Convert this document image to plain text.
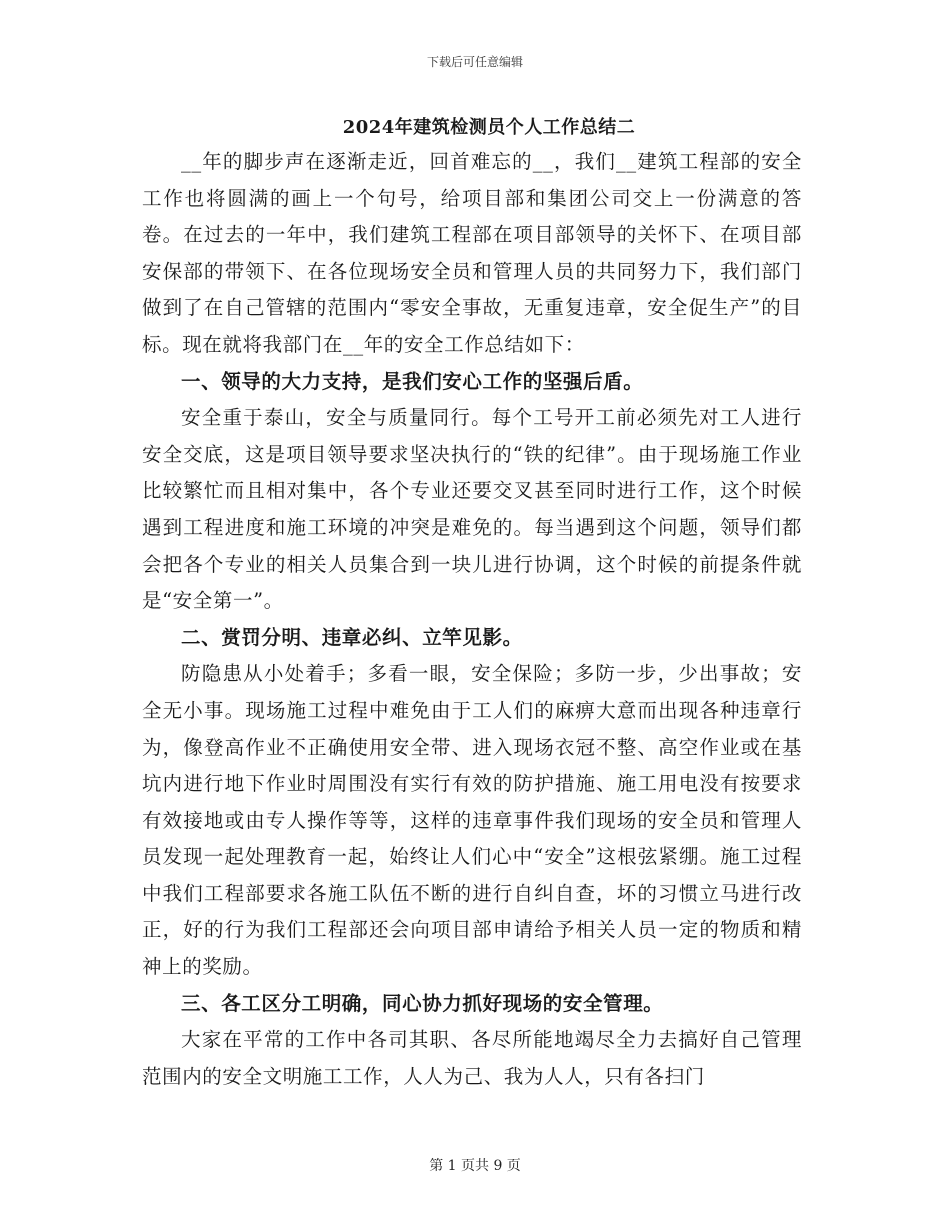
下载后可任意编辑
2024年建筑检测员个人工作总结二

__年的脚步声在逐渐走近，回首难忘的__，我们__建筑工程部的安全工作也将圆满的画上一个句号，给项目部和集团公司交上一份满意的答卷。在过去的一年中，我们建筑工程部在项目部领导的关怀下、在项目部安保部的带领下、在各位现场安全员和管理人员的共同努力下，我们部门做到了在自己管辖的范围内“零安全事故，无重复违章，安全促生产”的目标。现在就将我部门在__年的安全工作总结如下：

一、领导的大力支持，是我们安心工作的坚强后盾。

安全重于泰山，安全与质量同行。每个工号开工前必须先对工人进行安全交底，这是项目领导要求坚决执行的“铁的纪律”。由于现场施工作业比较繁忙而且相对集中，各个专业还要交叉甚至同时进行工作，这个时候遇到工程进度和施工环境的冲突是难免的。每当遇到这个问题，领导们都会把各个专业的相关人员集合到一块儿进行协调，这个时候的前提条件就是“安全第一”。

二、赏罚分明、违章必纠、立竿见影。

防隐患从小处着手；多看一眼，安全保险；多防一步，少出事故；安全无小事。现场施工过程中难免由于工人们的麻痹大意而出现各种违章行为，像登高作业不正确使用安全带、进入现场衣冠不整、高空作业或在基坑内进行地下作业时周围没有实行有效的防护措施、施工用电没有按要求有效接地或由专人操作等等，这样的违章事件我们现场的安全员和管理人员发现一起处理教育一起，始终让人们心中“安全”这根弦紧绷。施工过程中我们工程部要求各施工队伍不断的进行自纠自查，坏的习惯立马进行改正，好的行为我们工程部还会向项目部申请给予相关人员一定的物质和精神上的奖励。

三、各工区分工明确，同心协力抓好现场的安全管理。

大家在平常的工作中各司其职、各尽所能地竭尽全力去搞好自己管理范围内的安全文明施工工作，人人为己、我为人人，只有各扫门

第 1 页共 9 页
